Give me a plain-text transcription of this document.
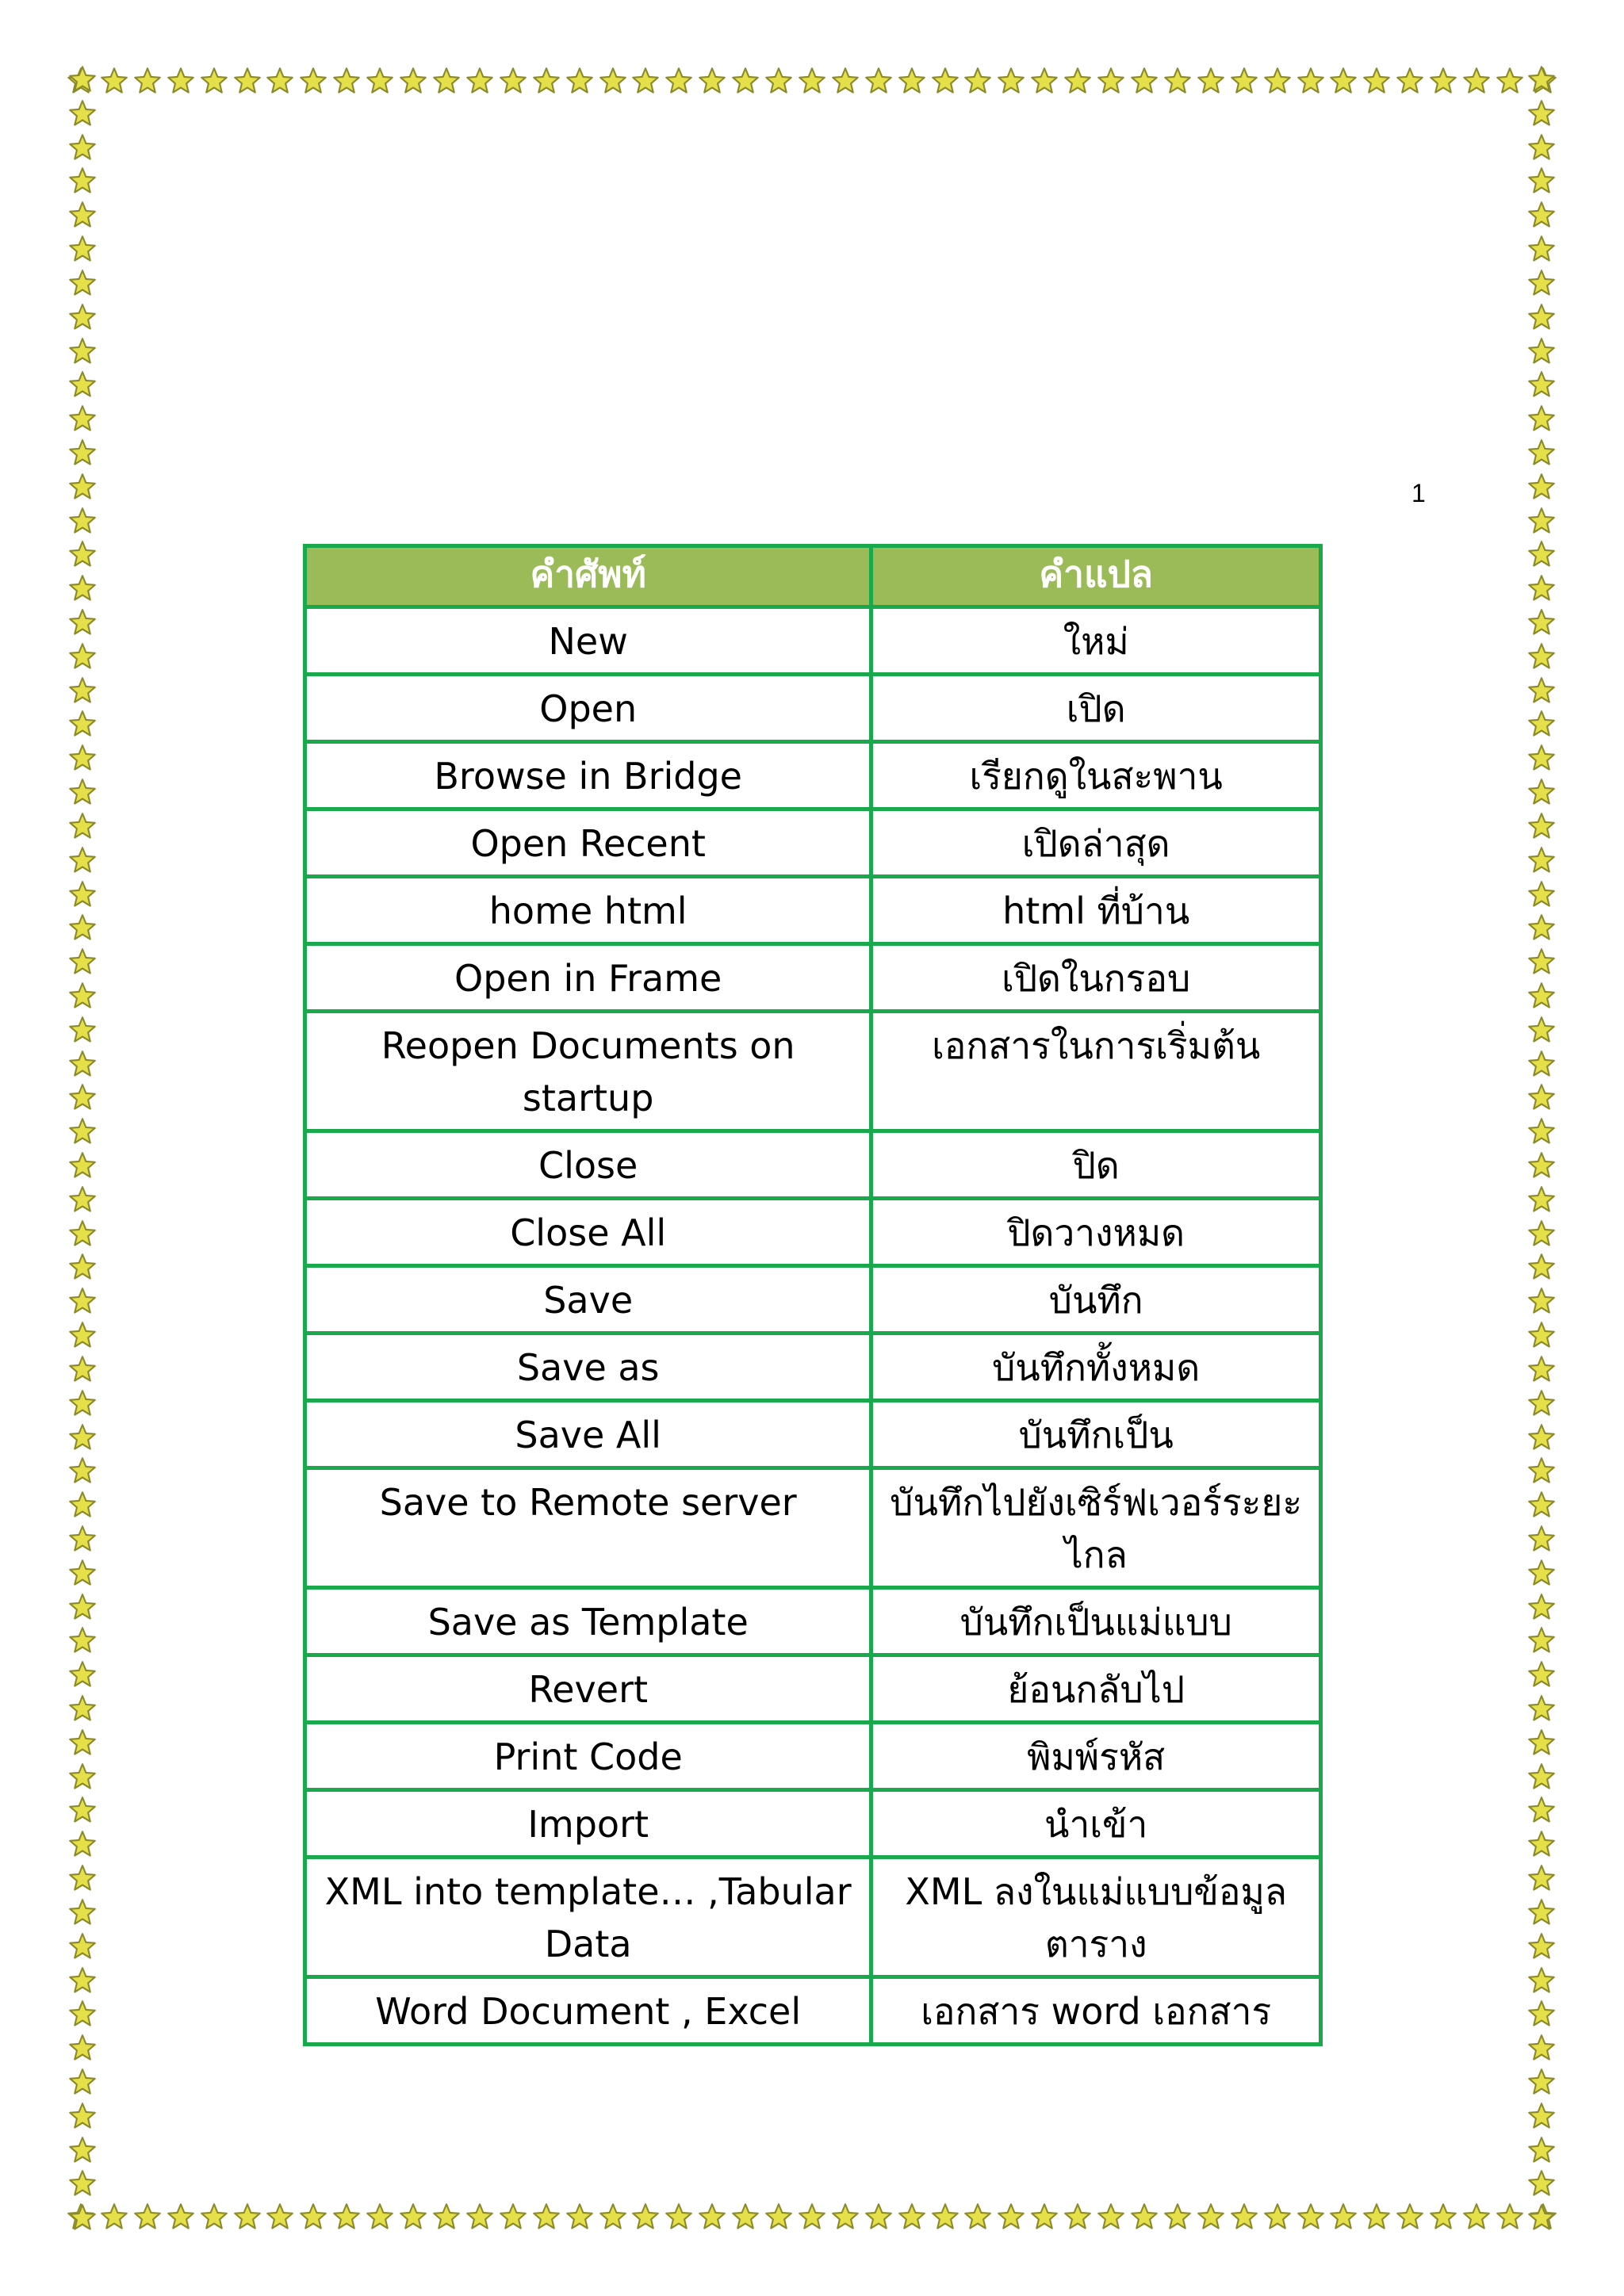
1
คำศัพท์	คำแปล
New	ใหม่
Open	เปิด
Browse in Bridge	เรียกดูในสะพาน
Open Recent	เปิดล่าสุด
home html	html ที่บ้าน
Open in Frame	เปิดในกรอบ
Reopen Documents on startup	เอกสารในการเริ่มต้น
Close	ปิด
Close All	ปิดวางหมด
Save	บันทึก
Save as	บันทึกทั้งหมด
Save All	บันทึกเป็น
Save to Remote server	บันทึกไปยังเซิร์ฟเวอร์ระยะไกล
Save as Template	บันทึกเป็นแม่แบบ
Revert	ย้อนกลับไป
Print Code	พิมพ์รหัส
Import	นำเข้า
XML into template… ,Tabular Data	XML ลงในแม่แบบข้อมูลตาราง
Word Document , Excel	เอกสาร word เอกสาร
